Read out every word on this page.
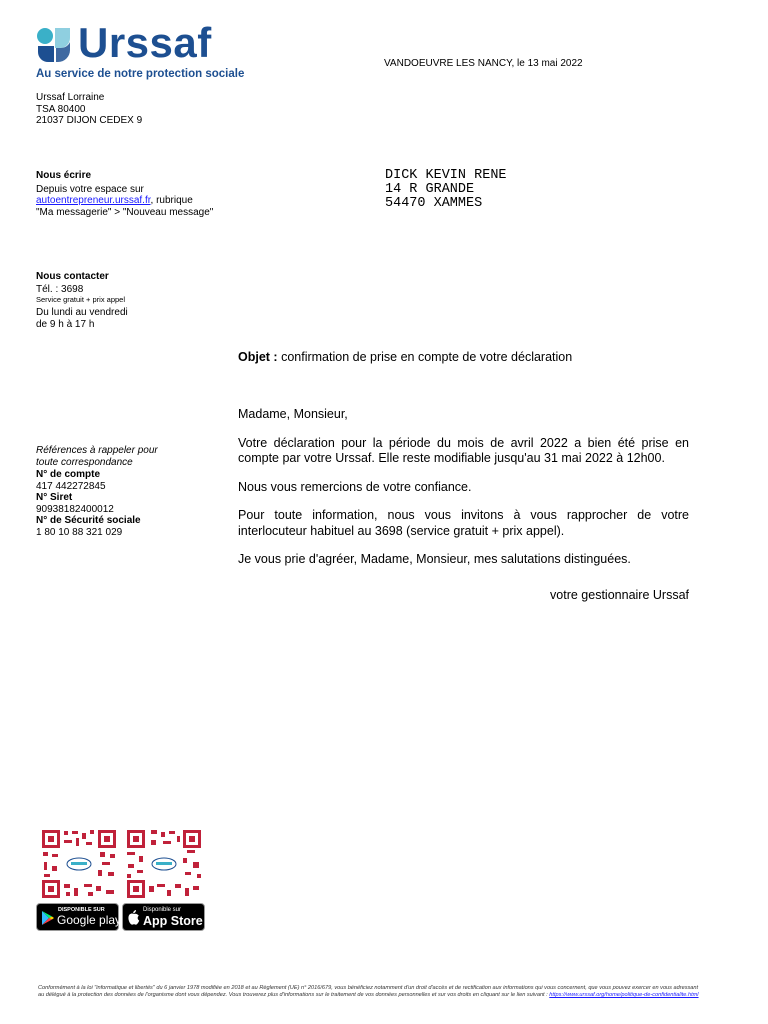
Urssaf
Au service de notre protection sociale
VANDOEUVRE LES NANCY, le 13 mai 2022
Urssaf Lorraine
TSA 80400
21037 DIJON CEDEX 9
Nous écrire
Depuis votre espace sur
autoentrepreneur.urssaf.fr, rubrique
"Ma messagerie" > "Nouveau message"
DICK KEVIN RENE
14 R GRANDE
54470 XAMMES
Nous contacter
Tél. : 3698
Service gratuit + prix appel
Du lundi au vendredi
de 9 h à 17 h
Objet : confirmation de prise en compte de votre déclaration
Références à rappeler pour
toute correspondance
N° de compte
417 442272845
N° Siret
90938182400012
N° de Sécurité sociale
1 80 10 88 321 029
Madame, Monsieur,
Votre déclaration pour la période du mois de avril 2022 a bien été prise en compte par votre Urssaf. Elle reste modifiable jusqu'au 31 mai 2022 à 12h00.
Nous vous remercions de votre confiance.
Pour toute information, nous vous invitons à vous rapprocher de votre interlocuteur habituel au 3698 (service gratuit + prix appel).
Je vous prie d'agréer, Madame, Monsieur, mes salutations distinguées.
votre gestionnaire Urssaf
DISPONIBLE SUR
Google play
Disponible sur
App Store
Conformément à la loi "informatique et libertés" du 6 janvier 1978 modifiée en 2018 et au Règlement (UE) n° 2016/679, vous bénéficiez notamment d'un droit d'accès et de rectification aux informations qui vous concernent, que vous pouvez exercer en vous adressant au délégué à la protection des données de l'organisme dont vous dépendez. Vous trouverez plus d'informations sur le traitement de vos données personnelles et sur vos droits en cliquant sur le lien suivant : https://www.urssaf.org/home/politique-de-confidentialite.html
